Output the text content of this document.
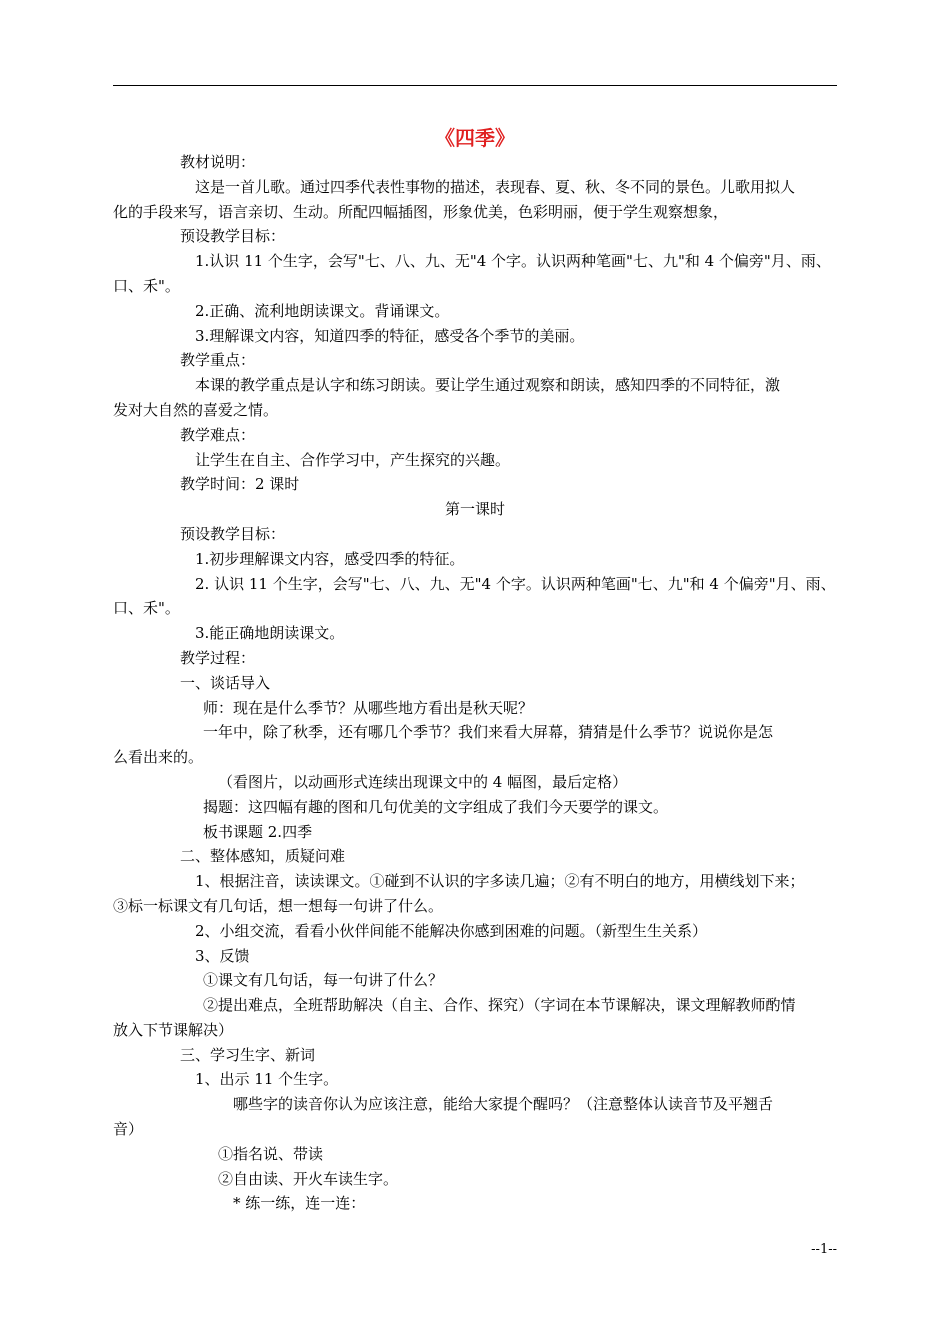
《四季》
教材说明：
这是一首儿歌。通过四季代表性事物的描述，表现春、夏、秋、冬不同的景色。儿歌用拟人
化的手段来写，语言亲切、生动。所配四幅插图，形象优美，色彩明丽，便于学生观察想象，
预设教学目标：
1.认识 11 个生字，会写"七、八、九、无"4 个字。认识两种笔画"七、九"和 4 个偏旁"月、雨、
口、禾"。
2.正确、流利地朗读课文。背诵课文。
3.理解课文内容，知道四季的特征，感受各个季节的美丽。
教学重点：
本课的教学重点是认字和练习朗读。要让学生通过观察和朗读，感知四季的不同特征，激
发对大自然的喜爱之情。
教学难点：
让学生在自主、合作学习中，产生探究的兴趣。
教学时间：2 课时
第一课时
预设教学目标：
1.初步理解课文内容，感受四季的特征。
2. 认识 11 个生字，会写"七、八、九、无"4 个字。认识两种笔画"七、九"和 4 个偏旁"月、雨、
口、禾"。
3.能正确地朗读课文。
教学过程：
一、谈话导入
师：现在是什么季节？从哪些地方看出是秋天呢？
一年中，除了秋季，还有哪几个季节？我们来看大屏幕，猜猜是什么季节？说说你是怎
么看出来的。
（看图片，以动画形式连续出现课文中的 4 幅图，最后定格）
揭题：这四幅有趣的图和几句优美的文字组成了我们今天要学的课文。
板书课题 2.四季
二、整体感知，质疑问难
1、根据注音，读读课文。①碰到不认识的字多读几遍；②有不明白的地方，用横线划下来；
③标一标课文有几句话，想一想每一句讲了什么。
2、小组交流，看看小伙伴间能不能解决你感到困难的问题。（新型生生关系）
3、反馈
①课文有几句话，每一句讲了什么？
②提出难点，全班帮助解决（自主、合作、探究）（字词在本节课解决，课文理解教师酌情
放入下节课解决）
三、学习生字、新词
1、出示 11 个生字。
哪些字的读音你认为应该注意，能给大家提个醒吗？（注意整体认读音节及平翘舌
音）
①指名说、带读
②自由读、开火车读生字。
* 练一练，连一连：
--1--
